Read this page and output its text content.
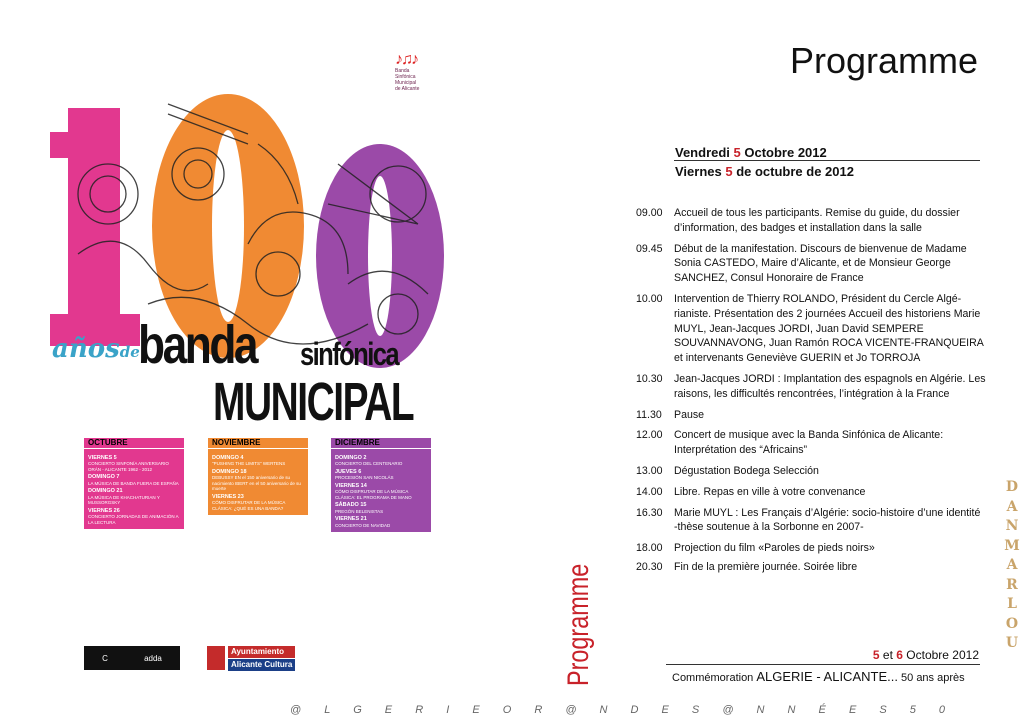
♪♫♪
Banda
Sinfónica
Municipal
de Alicante
añosde
banda sinfónica
MUNICIPAL
OCTUBRE
VIERNES 5
CONCIERTO SINFONÍA ANIVERSARIO ORÁN - ALICANTE 1962 - 2012
DOMINGO 7
LA MÚSICA DE BANDA FUERA DE ESPAÑA
DOMINGO 21
LA MÚSICA DE KHACHATURIAN Y MUSSORGSKY
VIERNES 26
CONCIERTO JORNADAS DE ANIMACIÓN A LA LECTURA
NOVIEMBRE
DOMINGO 4
"PUSHING THE LIMITS" WERTENS
DOMINGO 18
DEBUSSY EN el 150 aniversario de su nacimiento IBERT en el 50 aniversario de su muerte
VIERNES 23
CÓMO DISFRUTAR DE LA MÚSICA CLÁSICA: ¿QUÉ ES UNA BANDA?
DICIEMBRE
DOMINGO 2
CONCIERTO DEL CENTENARIO
JUEVES 6
PROCESIÓN SAN NICOLÁS
VIERNES 14
CÓMO DISFRUTAR DE LA MÚSICA CLÁSICA: EL PROGRAMA DE MANO
SÁBADO 15
PREGÓN BELENISTAS
VIERNES 21
CONCIERTO DE NAVIDAD
C	adda
Ayuntamiento
Alicante Cultura	Programme
Programme
Vendredi 5 Octobre 2012
Viernes 5 de octubre de 2012
09.00	Accueil de tous les participants. Remise du guide, du dossier d’information, des badges et installation dans la salle
09.45	Début de la manifestation. Discours de bienvenue de Madame Sonia CASTEDO, Maire d’Alicante, et de Monsieur George SANCHEZ, Consul Honoraire de France
10.00	Intervention de Thierry ROLANDO, Président du Cercle Algé- rianiste. Présentation des 2 journées Accueil des historiens Marie MUYL, Jean-Jacques JORDI, Juan David SEMPERE SOUVANNAVONG, Juan Ramón ROCA VICENTE-FRANQUEIRA et intervenants Geneviève GUERIN et Jo TORROJA
10.30	Jean-Jacques JORDI : Implantation des espagnols en Algérie. Les raisons, les difficultés rencontrées, l’intégration à la France
11.30	Pause
12.00	Concert de musique avec la Banda Sinfónica de Alicante: Interprétation des “Africains”
13.00	Dégustation Bodega Selección
14.00	Libre. Repas en ville à votre convenance
16.30	Marie MUYL : Les Français d’Algérie: socio-histoire d’une identité -thèse soutenue à la Sorbonne en 2007-
18.00	Projection du film «Paroles de pieds noirs»
20.30	Fin de la première journée. Soirée libre
5 et 6 Octobre 2012
Commémoration ALGERIE - ALICANTE... 50 ans après
D
A
N
M
A
R
L
O
U
@ L G E R I E O R @ N D E S @ N N É E S 5 0
